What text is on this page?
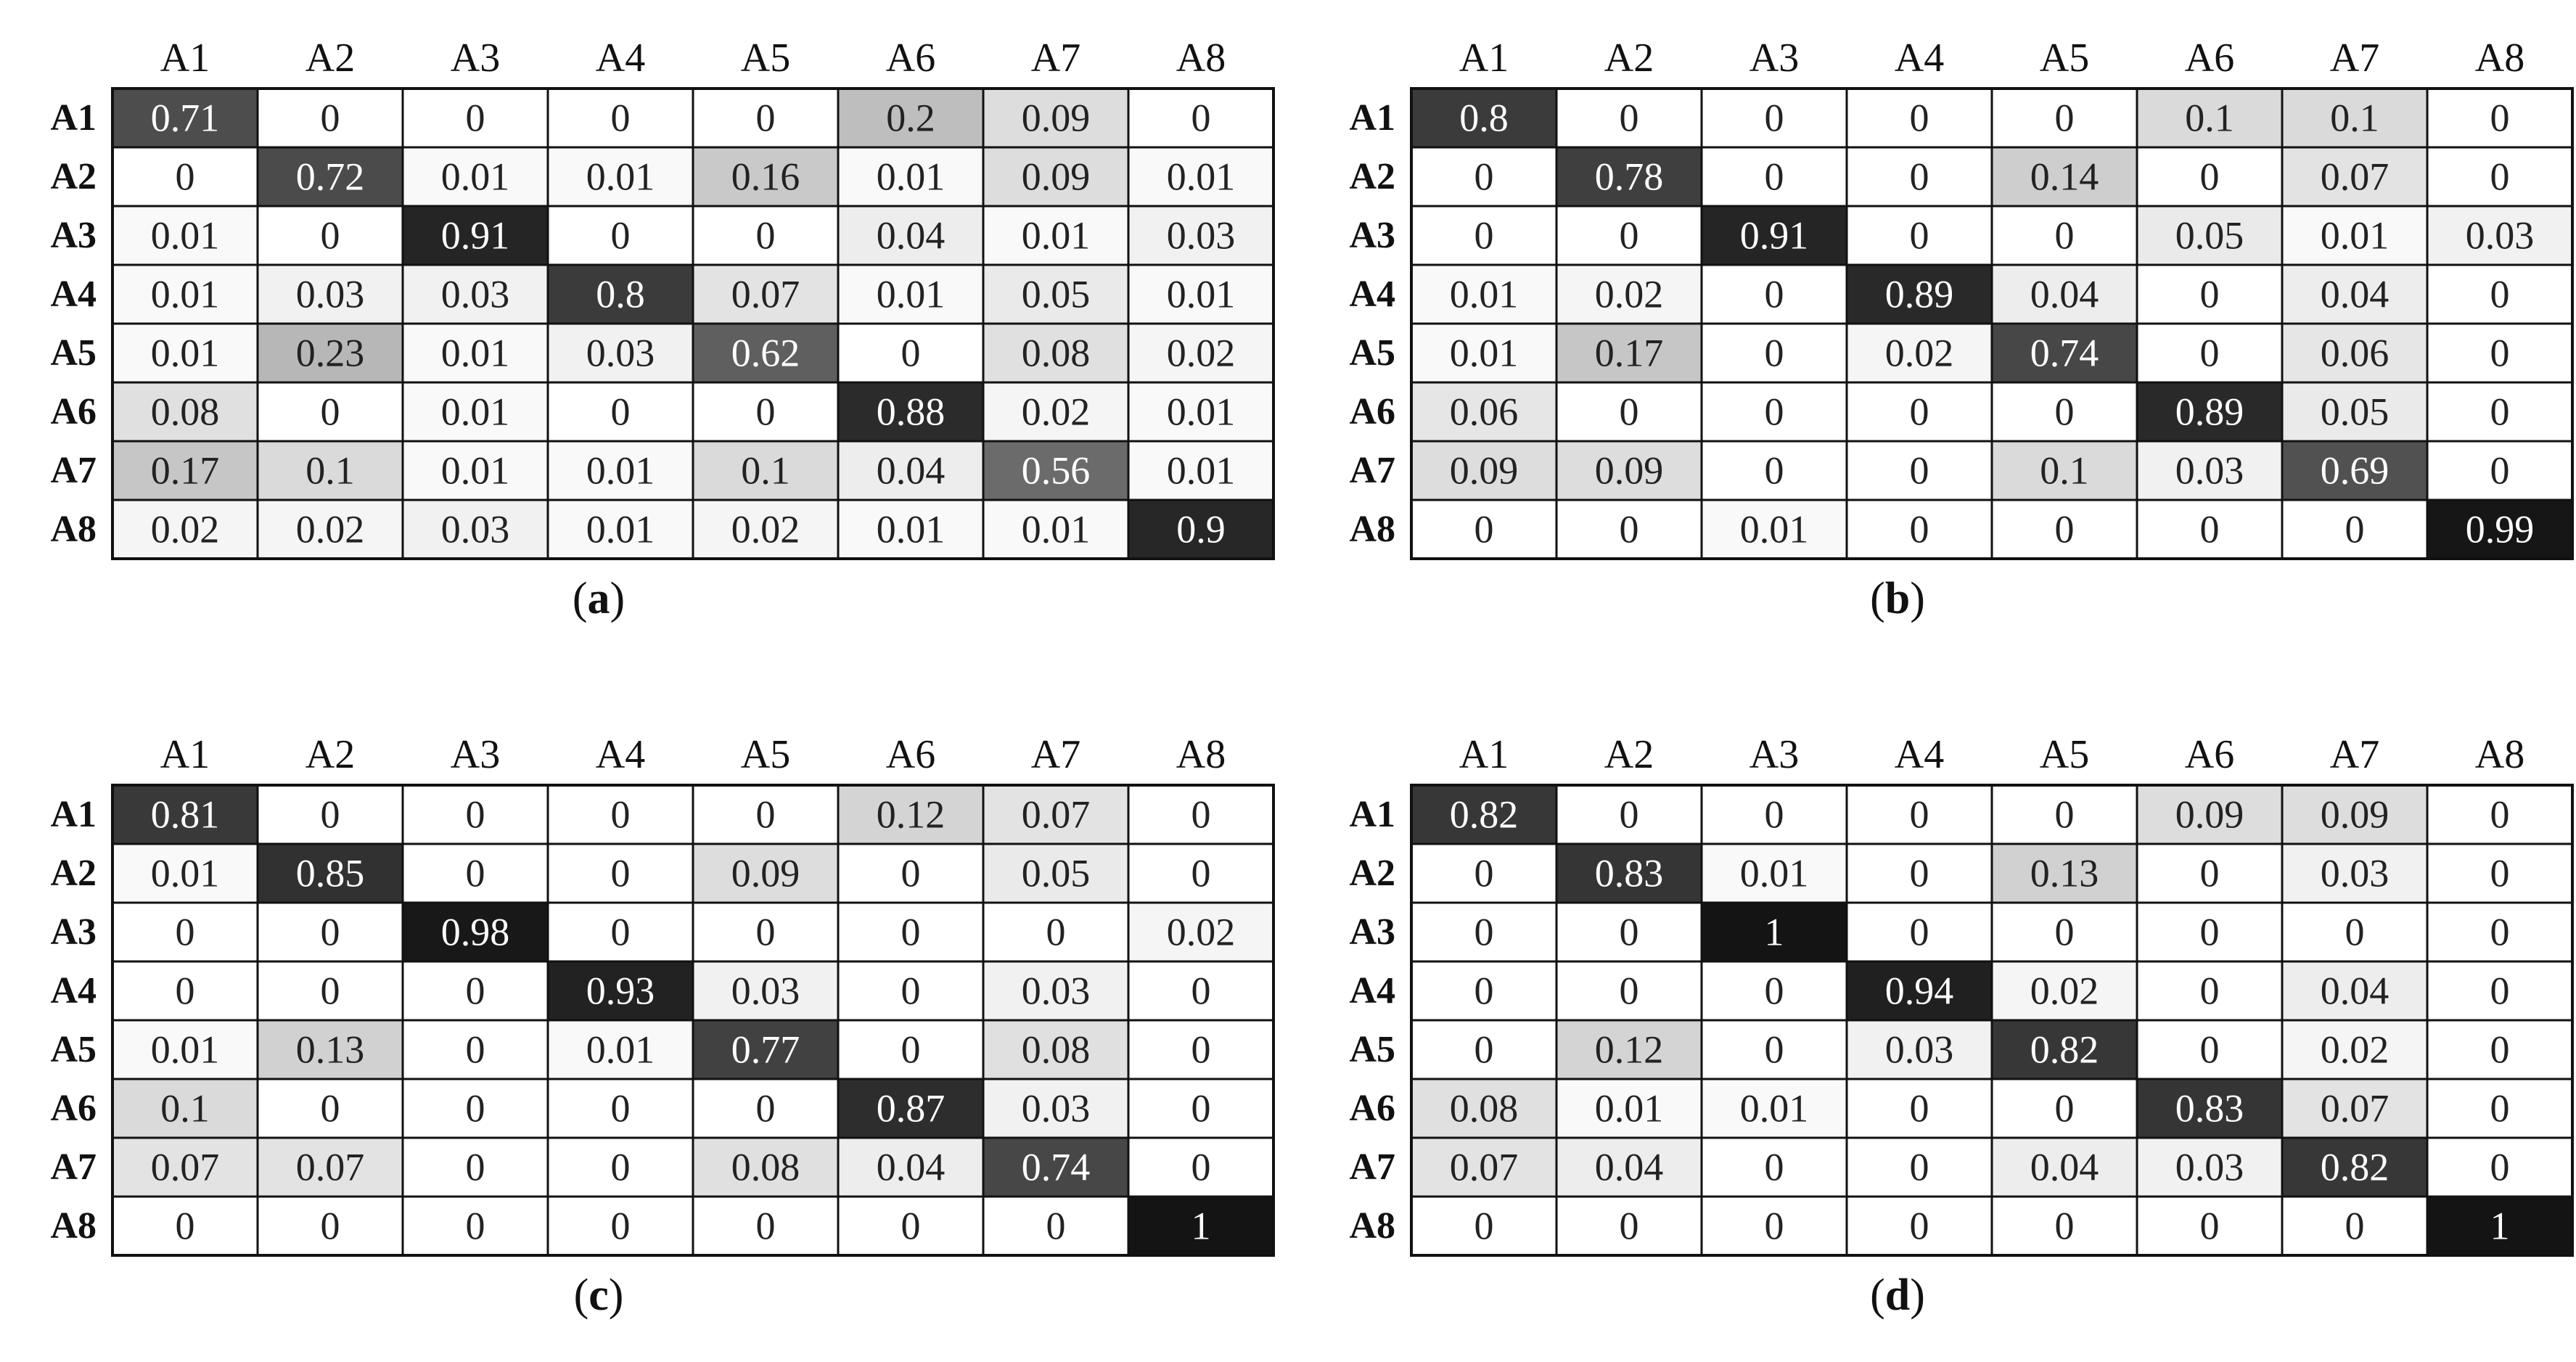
A1 A2 A3 A4 A5 A6 A7 A8
A1
A2
A3
A4
A5
A6
A7
A8
0.71	0	0	0	0	0.2 0.09	0
0	0.72 0.01 0.01 0.16 0.01 0.09 0.01
0.01	0	0.91	0	0	0.04 0.01 0.03
0.01 0.03 0.03 0.8 0.07 0.01 0.05 0.01
0.01 0.23 0.01 0.03 0.62	0	0.08 0.02
0.08	0	0.01	0	0	0.88 0.02 0.01
0.17 0.1 0.01 0.01 0.1 0.04 0.56 0.01
0.02 0.02 0.03 0.01 0.02 0.01 0.01 0.9
(a)
A1 A2 A3 A4 A5 A6 A7 A8
A1
A2
A3
A4
A5
A6
A7
A8
0.8	0	0	0	0	0.1 0.1	0
0	0.78	0	0	0.14	0	0.07	0
0	0	0.91	0	0	0.05 0.01 0.03
0.01 0.02	0	0.89 0.04	0	0.04	0
0.01 0.17	0	0.02 0.74	0	0.06	0
0.06	0	0	0	0	0.89 0.05	0
0.09 0.09	0	0	0.1 0.03 0.69	0
0	0	0.01	0	0	0	0	0.99
(b)
A1 A2 A3 A4 A5 A6 A7 A8
A1
A2
A3
A4
A5
A6
A7
A8
0.81	0	0	0	0	0.12 0.07	0
0.01 0.85	0	0	0.09	0	0.05	0
0	0	0.98	0	0	0	0	0.02
0	0	0	0.93 0.03	0	0.03	0
0.01 0.13	0	0.01 0.77	0	0.08	0
0.1	0	0	0	0	0.87 0.03	0
0.07 0.07	0	0	0.08 0.04 0.74	0
0	0	0	0	0	0	0	1
(c)
A1 A2 A3 A4 A5 A6 A7 A8
A1
A2
A3
A4
A5
A6
A7
A8
0.82	0	0	0	0	0.09 0.09	0
0	0.83 0.01	0	0.13	0	0.03	0
0	0	1	0	0	0	0	0
0	0	0	0.94 0.02	0	0.04	0
0	0.12	0	0.03 0.82	0	0.02	0
0.08 0.01 0.01	0	0	0.83 0.07	0
0.07 0.04	0	0	0.04 0.03 0.82	0
0	0	0	0	0	0	0	1
(d)
